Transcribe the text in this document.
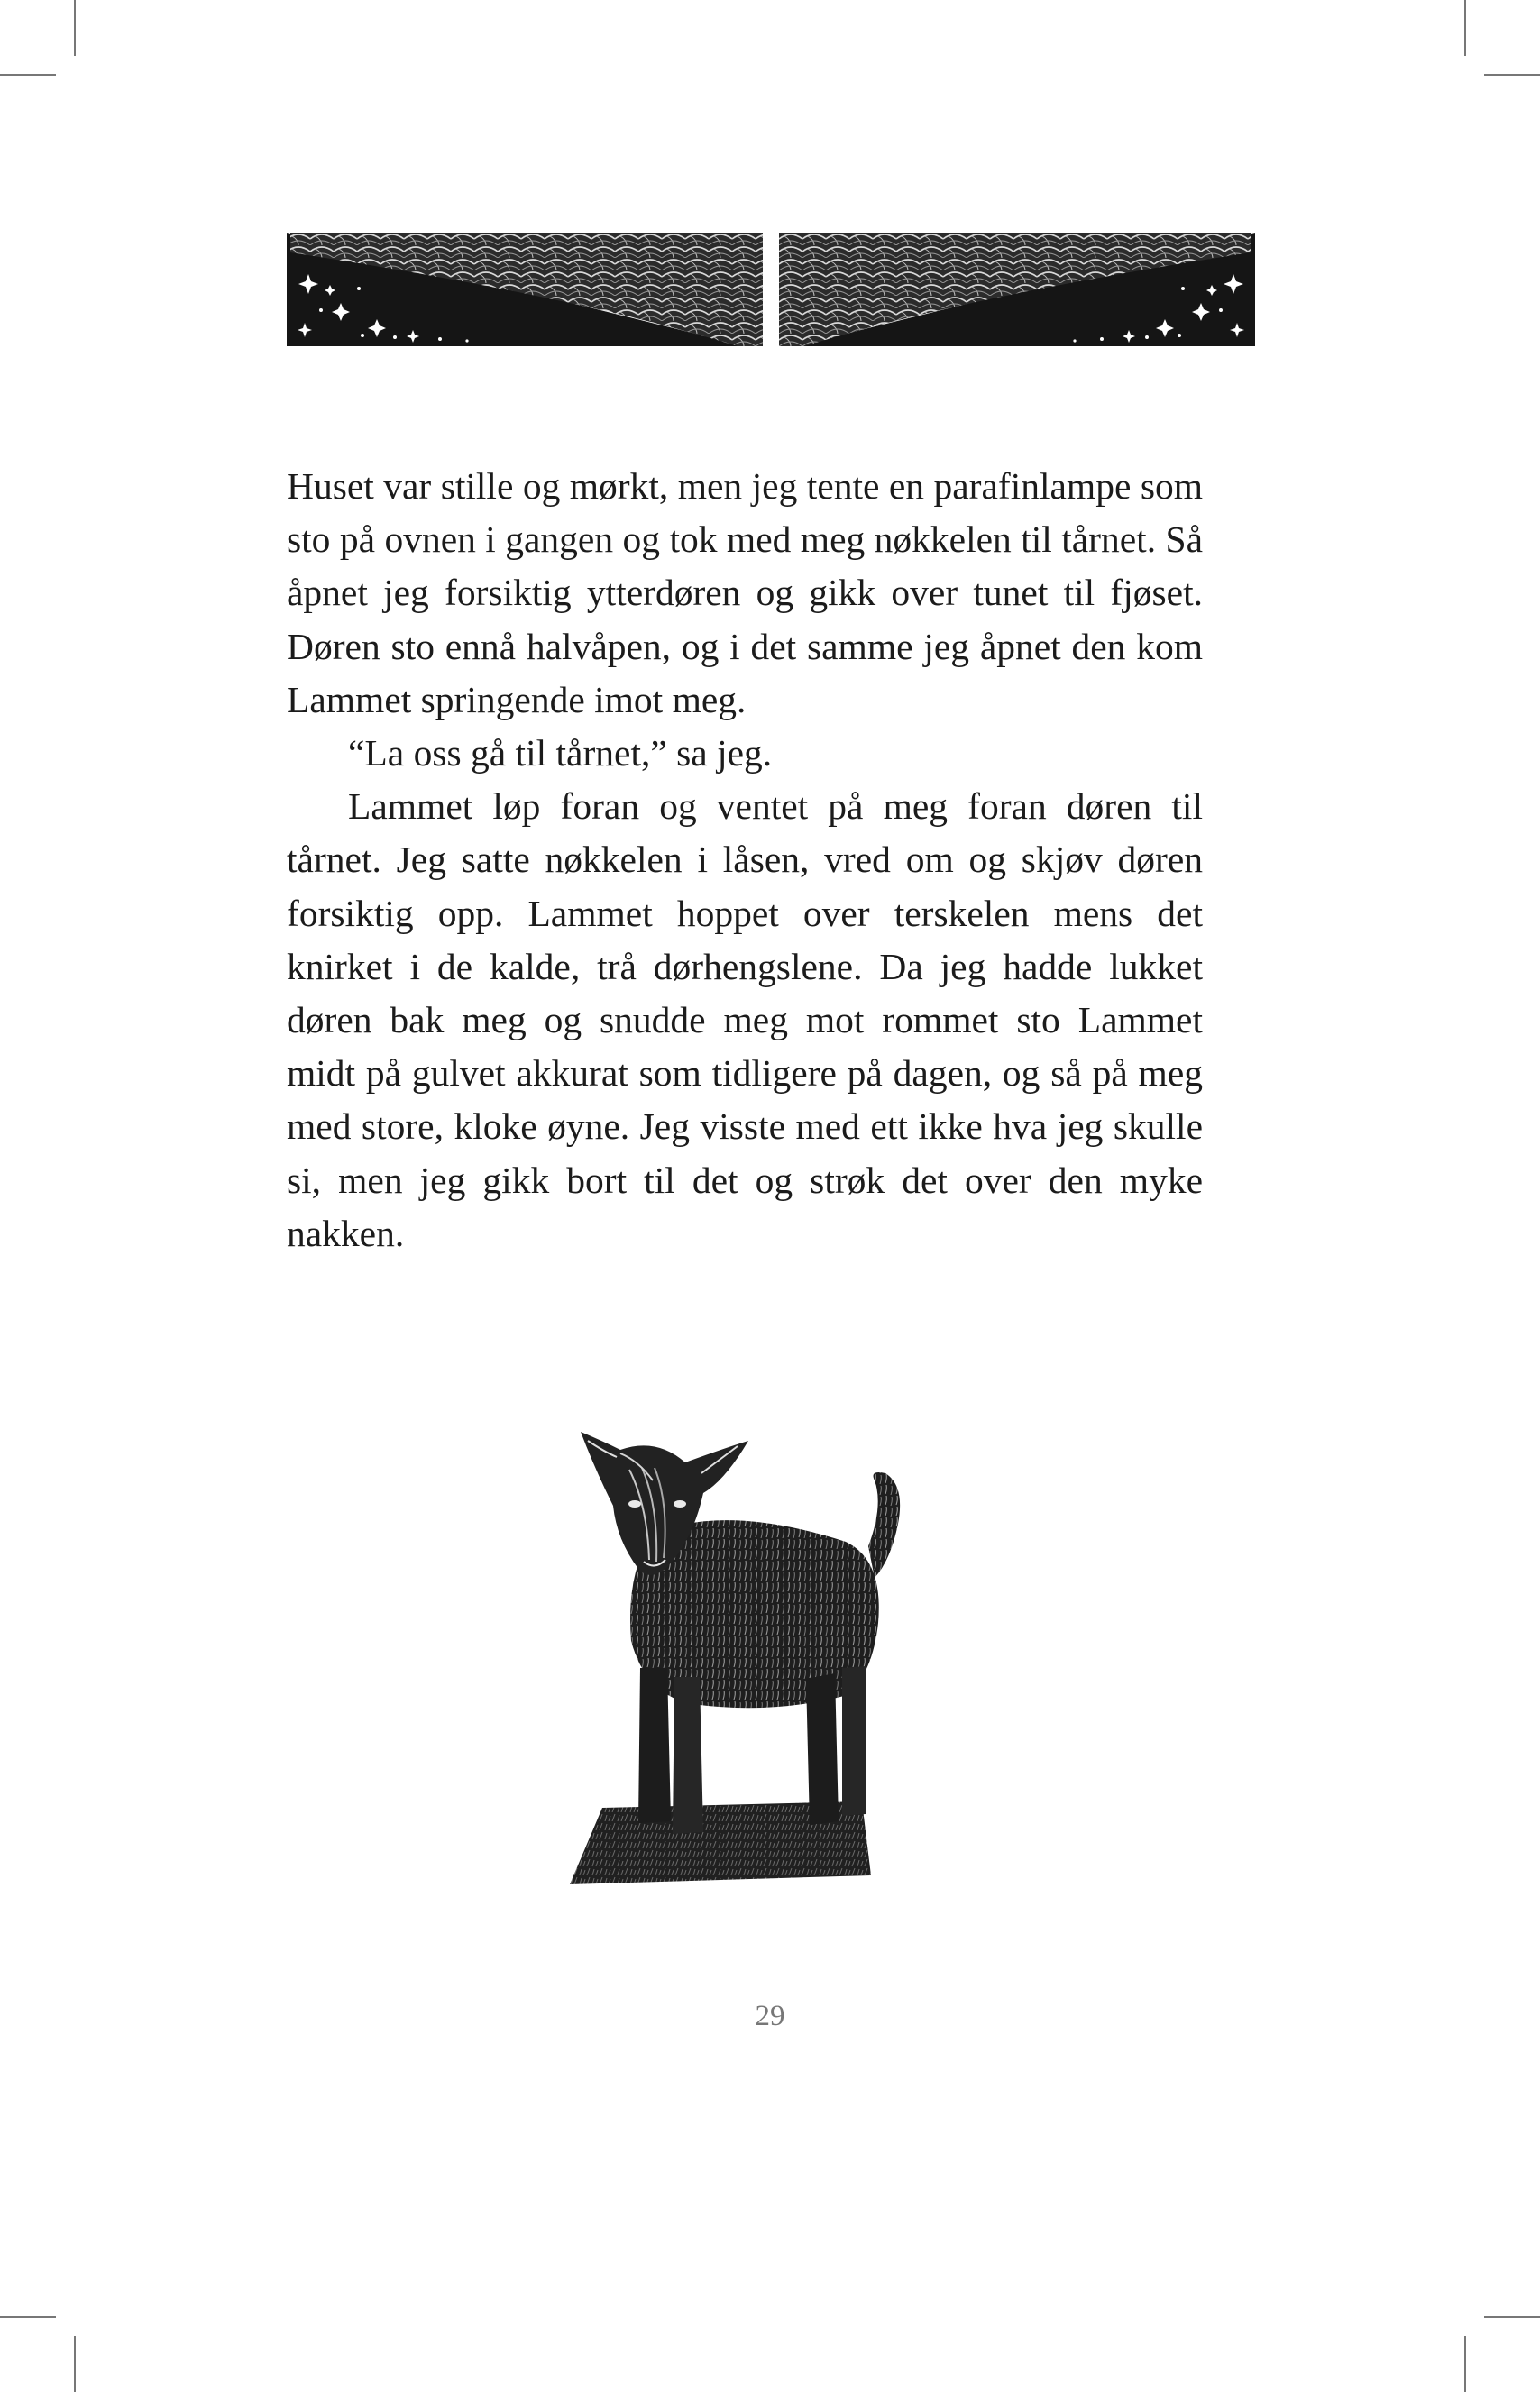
Huset var stille og mørkt, men jeg tente en parafinlampe som sto på ovnen i gangen og tok med meg nøkkelen til tårnet. Så åpnet jeg forsiktig ytterdøren og gikk over tunet til fjøset. Døren sto ennå halvåpen, og i det samme jeg åpnet den kom Lammet springende imot meg.

“La oss gå til tårnet,” sa jeg.

Lammet løp foran og ventet på meg foran døren til tårnet. Jeg satte nøkkelen i låsen, vred om og skjøv døren forsiktig opp. Lammet hoppet over terskelen mens det knirket i de kalde, trå dørhengslene. Da jeg hadde lukket døren bak meg og snudde meg mot rommet sto Lammet midt på gulvet akkurat som tidligere på dagen, og så på meg med store, kloke øyne. Jeg visste med ett ikke hva jeg skulle si, men jeg gikk bort til det og strøk det over den myke nakken.

29
